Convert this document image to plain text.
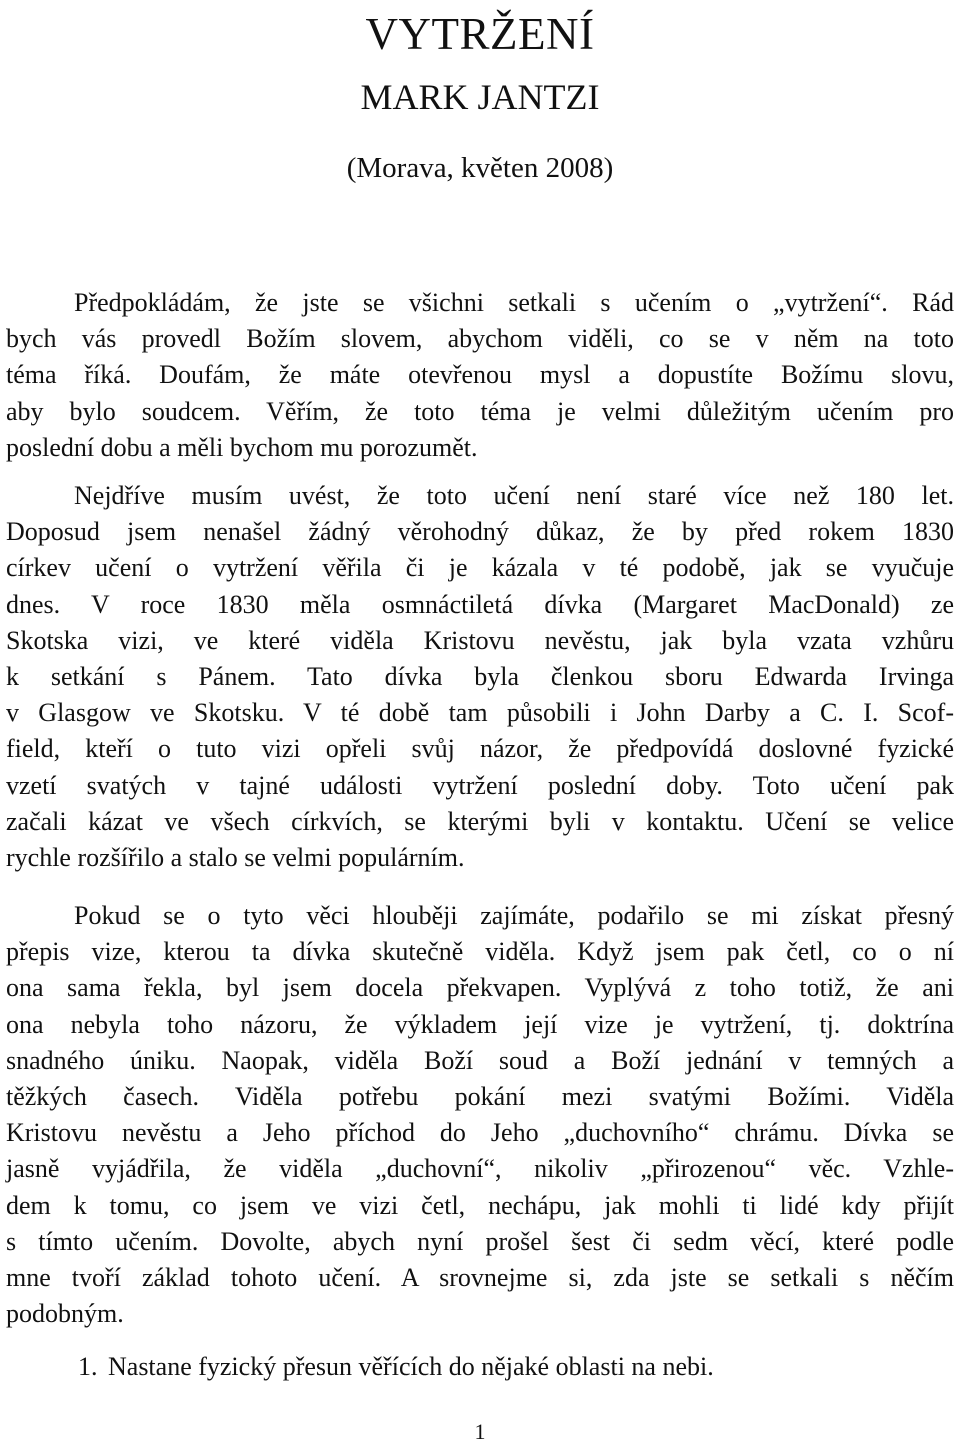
VYTRŽENÍ
MARK JANTZI
(Morava, květen 2008)
Předpokládám, že jste se všichni setkali s učením o „vytržení“. Rád
bych vás provedl Božím slovem, abychom viděli, co se v něm na toto
téma říká. Doufám, že máte otevřenou mysl a dopustíte Božímu slovu,
aby bylo soudcem. Věřím, že toto téma je velmi důležitým učením pro
poslední dobu a měli bychom mu porozumět.
Nejdříve musím uvést, že toto učení není staré více než 180 let.
Doposud jsem nenašel žádný věrohodný důkaz, že by před rokem 1830
církev učení o vytržení věřila či je kázala v té podobě, jak se vyučuje
dnes. V roce 1830 měla osmnáctiletá dívka (Margaret MacDonald) ze
Skotska vizi, ve které viděla Kristovu nevěstu, jak byla vzata vzhůru
k setkání s Pánem. Tato dívka byla členkou sboru Edwarda Irvinga
v Glasgow ve Skotsku. V té době tam působili i John Darby a C. I. Scof-
field, kteří o tuto vizi opřeli svůj názor, že předpovídá doslovné fyzické
vzetí svatých v tajné události vytržení poslední doby. Toto učení pak
začali kázat ve všech církvích, se kterými byli v kontaktu. Učení se velice
rychle rozšířilo a stalo se velmi populárním.
Pokud se o tyto věci hlouběji zajímáte, podařilo se mi získat přesný
přepis vize, kterou ta dívka skutečně viděla. Když jsem pak četl, co o ní
ona sama řekla, byl jsem docela překvapen. Vyplývá z toho totiž, že ani
ona nebyla toho názoru, že výkladem její vize je vytržení, tj. doktrína
snadného úniku. Naopak, viděla Boží soud a Boží jednání v temných a
těžkých časech. Viděla potřebu pokání mezi svatými Božími. Viděla
Kristovu nevěstu a Jeho příchod do Jeho „duchovního“ chrámu. Dívka se
jasně vyjádřila, že viděla „duchovní“, nikoliv „přirozenou“ věc. Vzhle-
dem k tomu, co jsem ve vizi četl, nechápu, jak mohli ti lidé kdy přijít
s tímto učením. Dovolte, abych nyní prošel šest či sedm věcí, které podle
mne tvoří základ tohoto učení. A srovnejme si, zda jste se setkali s něčím
podobným.
1. Nastane fyzický přesun věřících do nějaké oblasti na nebi.
1
